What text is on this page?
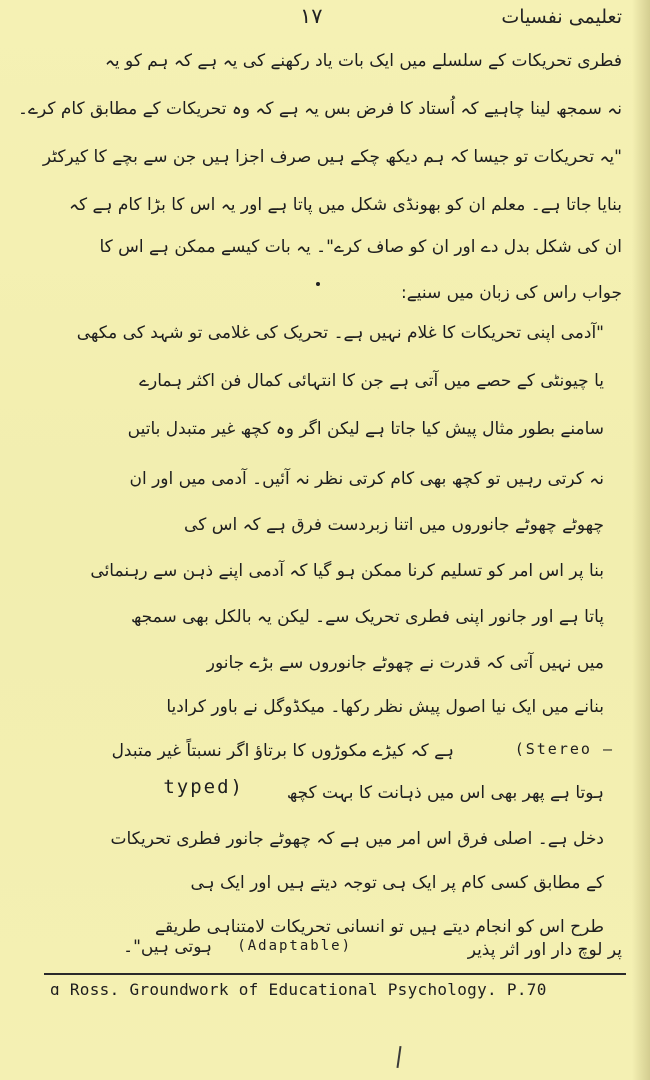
تعلیمی نفسیات
۱۷
فطری تحریکات کے سلسلے میں ایک بات یاد رکھنے کی یہ ہے کہ ہم کو یہ
نہ سمجھ لینا چاہیے کہ اُستاد کا فرض بس یہ ہے کہ وہ تحریکات کے مطابق کام کرے۔
"یہ تحریکات تو جیسا کہ ہم دیکھ چکے ہیں صرف اجزا ہیں جن سے بچے کا کیرکٹر
بنایا جاتا ہے۔ معلم ان کو بھونڈی شکل میں پاتا ہے اور یہ اس کا بڑا کام ہے کہ
ان کی شکل بدل دے اور ان کو صاف کرے"۔ یہ بات کیسے ممکن ہے اس کا
جواب راس کی زبان میں سنیے:
"آدمی اپنی تحریکات کا غلام نہیں ہے۔ تحریک کی غلامی تو شہد کی مکھی
یا چیونٹی کے حصے میں آتی ہے جن کا انتہائی کمال فن اکثر ہمارے
سامنے بطور مثال پیش کیا جاتا ہے لیکن اگر وہ کچھ غیر متبدل باتیں
نہ کرتی رہیں تو کچھ بھی کام کرتی نظر نہ آئیں۔ آدمی میں اور ان
چھوٹے چھوٹے جانوروں میں اتنا زبردست فرق ہے کہ اس کی
بنا پر اس امر کو تسلیم کرنا ممکن ہو گیا کہ آدمی اپنے ذہن سے رہنمائی
پاتا ہے اور جانور اپنی فطری تحریک سے۔ لیکن یہ بالکل بھی سمجھ
میں نہیں آتی کہ قدرت نے چھوٹے جانوروں سے بڑے جانور
بنانے میں ایک نیا اصول پیش نظر رکھا۔ میکڈوگل نے باور کرادیا
ہے کہ کیڑے مکوڑوں کا برتاؤ اگر نسبتاً غیر متبدل	(Stereo –
ہوتا ہے پھر بھی اس میں ذہانت کا بہت کچھ
typed)
دخل ہے۔ اصلی فرق اس امر میں ہے کہ چھوٹے جانور فطری تحریکات
کے مطابق کسی کام پر ایک ہی توجہ دیتے ہیں اور ایک ہی
طرح اس کو انجام دیتے ہیں تو انسانی تحریکات لامتناہی طریقے
پر لوچ دار اور اثر پذیر
(Adaptable)
ہوتی ہیں"۔
ɑ Ross. Groundwork of Educational Psychology. P.70
